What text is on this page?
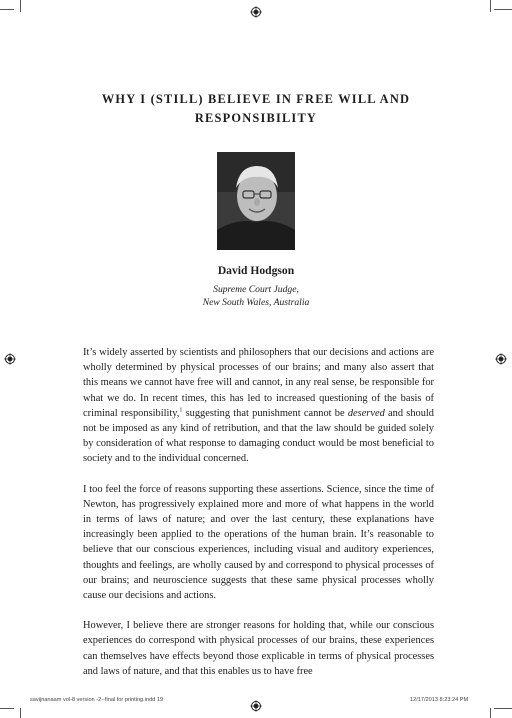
WHY I (STILL) BELIEVE IN FREE WILL AND RESPONSIBILITY
David Hodgson
Supreme Court Judge,
New South Wales, Australia

It’s widely asserted by scientists and philosophers that our decisions and actions are wholly determined by physical processes of our brains; and many also assert that this means we cannot have free will and cannot, in any real sense, be responsible for what we do. In recent times, this has led to increased questioning of the basis of criminal responsibility,$^1$ suggesting that punishment cannot be deserved and should not be imposed as any kind of retribution, and that the law should be guided solely by consideration of what response to damaging conduct would be most beneficial to society and to the individual concerned.

I too feel the force of reasons supporting these assertions. Science, since the time of Newton, has progressively explained more and more of what happens in the world in terms of laws of nature; and over the last century, these explanations have increasingly been applied to the operations of the human brain. It’s reasonable to believe that our conscious experiences, including visual and auditory experiences, thoughts and feelings, are wholly caused by and correspond to physical processes of our brains; and neuroscience suggests that these same physical processes wholly cause our decisions and actions.

However, I believe there are stronger reasons for holding that, while our conscious experiences do correspond with physical processes of our brains, these experiences can themselves have effects beyond those explicable in terms of physical processes and laws of nature, and that this enables us to have free

savijnanaam vol-8 version -2--final for printing.indd 19	12/17/2013 8:23:24 PM
